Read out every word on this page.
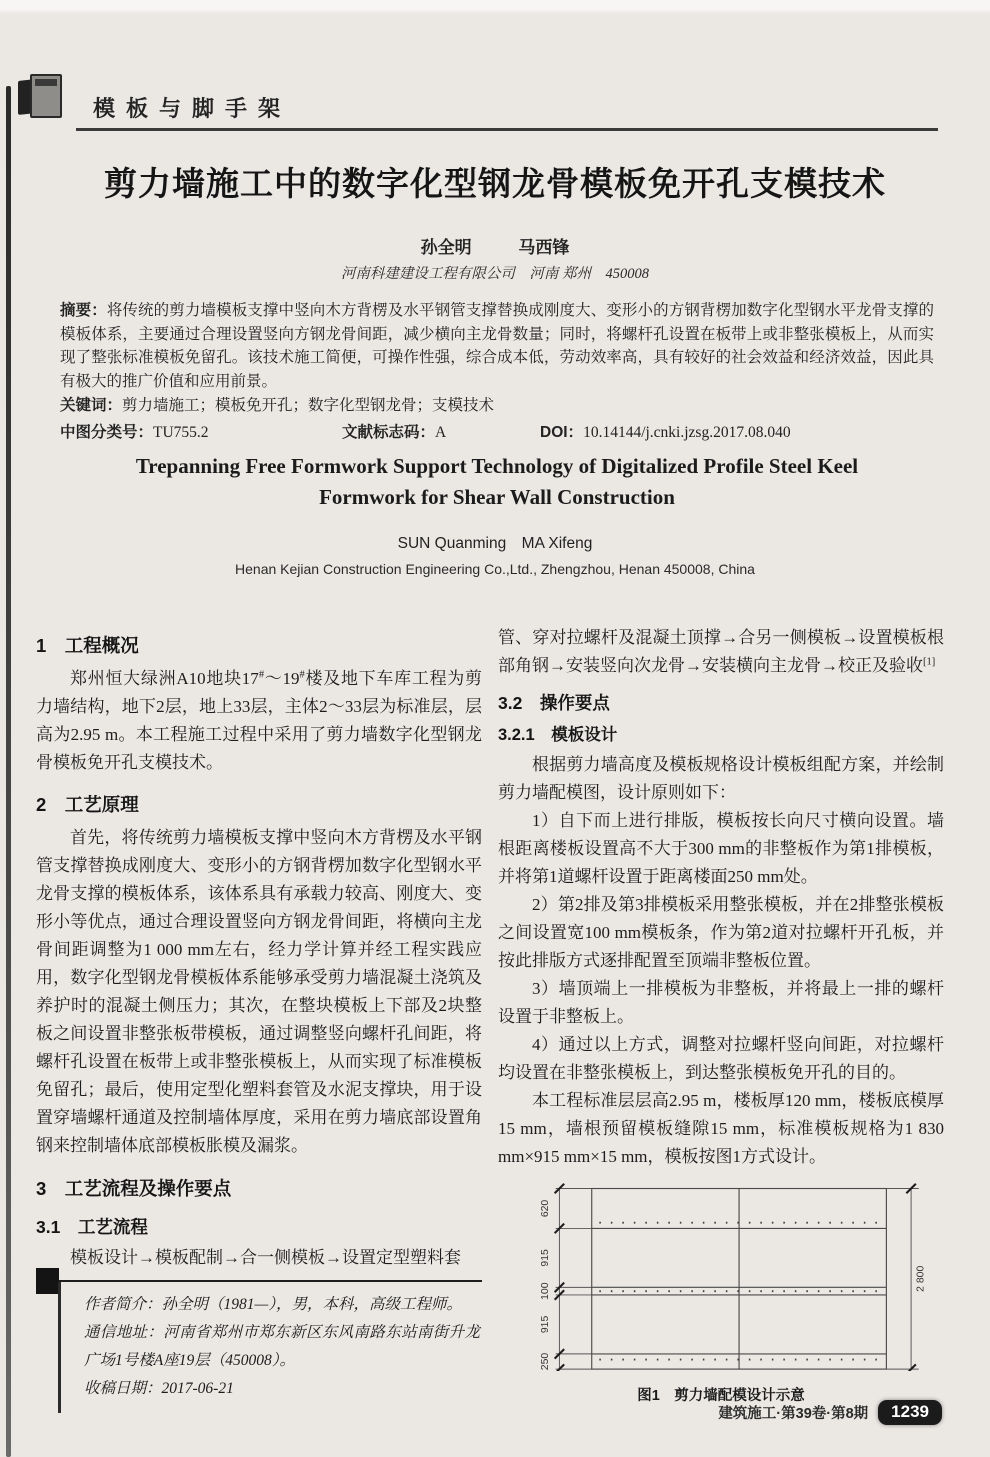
模板与脚手架
剪力墙施工中的数字化型钢龙骨模板免开孔支模技术
孙全明	马西锋
河南科建建设工程有限公司　河南 郑州　450008

摘要：将传统的剪力墙模板支撑中竖向木方背楞及水平钢管支撑替换成刚度大、变形小的方钢背楞加数字化型钢水平龙骨支撑的模板体系，主要通过合理设置竖向方钢龙骨间距，减少横向主龙骨数量；同时，将螺杆孔设置在板带上或非整张模板上，从而实现了整张标准模板免留孔。该技术施工简便，可操作性强，综合成本低，劳动效率高，具有较好的社会效益和经济效益，因此具有极大的推广价值和应用前景。

关键词：剪力墙施工；模板免开孔；数字化型钢龙骨；支模技术

中图分类号：TU755.2	文献标志码：A	DOI：10.14144/j.cnki.jzsg.2017.08.040
Trepanning Free Formwork Support Technology of Digitalized Profile Steel Keel
Formwork for Shear Wall Construction
SUN Quanming　MA Xifeng
Henan Kejian Construction Engineering Co.,Ltd., Zhengzhou, Henan 450008, China
1　工程概况

郑州恒大绿洲A10地块17#～19#楼及地下车库工程为剪力墙结构，地下2层，地上33层，主体2～33层为标准层，层高为2.95 m。本工程施工过程中采用了剪力墙数字化型钢龙骨模板免开孔支模技术。

2　工艺原理

首先，将传统剪力墙模板支撑中竖向木方背楞及水平钢管支撑替换成刚度大、变形小的方钢背楞加数字化型钢水平龙骨支撑的模板体系，该体系具有承载力较高、刚度大、变形小等优点，通过合理设置竖向方钢龙骨间距，将横向主龙骨间距调整为1 000 mm左右，经力学计算并经工程实践应用，数字化型钢龙骨模板体系能够承受剪力墙混凝土浇筑及养护时的混凝土侧压力；其次，在整块模板上下部及2块整板之间设置非整张板带模板，通过调整竖向螺杆孔间距，将螺杆孔设置在板带上或非整张模板上，从而实现了标准模板免留孔；最后，使用定型化塑料套管及水泥支撑块，用于设置穿墙螺杆通道及控制墙体厚度，采用在剪力墙底部设置角钢来控制墙体底部模板胀模及漏浆。

3　工艺流程及操作要点
3.1　工艺流程

模板设计→模板配制→合一侧模板→设置定型塑料套

作者简介：孙全明（1981—），男，本科，高级工程师。
通信地址：河南省郑州市郑东新区东风南路东站南街升龙广场1号楼A座19层（450008）。
收稿日期：2017-06-21

管、穿对拉螺杆及混凝土顶撑→合另一侧模板→设置模板根部角钢→安装竖向次龙骨→安装横向主龙骨→校正及验收[1]

3.2　操作要点
3.2.1　模板设计

根据剪力墙高度及模板规格设计模板组配方案，并绘制剪力墙配模图，设计原则如下：

1）自下而上进行排版，模板按长向尺寸横向设置。墙根距离楼板设置高不大于300 mm的非整板作为第1排模板，并将第1道螺杆设置于距离楼面250 mm处。

2）第2排及第3排模板采用整张模板，并在2排整张模板之间设置宽100 mm模板条，作为第2道对拉螺杆开孔板，并按此排版方式逐排配置至顶端非整板位置。

3）墙顶端上一排模板为非整板，并将最上一排的螺杆设置于非整板上。

4）通过以上方式，调整对拉螺杆竖向间距，对拉螺杆均设置在非整张模板上，到达整张模板免开孔的目的。

本工程标准层层高2.95 m，楼板厚120 mm，楼板底模厚15 mm，墙根预留模板缝隙15 mm，标准模板规格为1 830 mm×915 mm×15 mm，模板按图1方式设计。

620
915
100
915
250
2 800
图1　剪力墙配模设计示意
建筑施工·第39卷·第8期	1239
